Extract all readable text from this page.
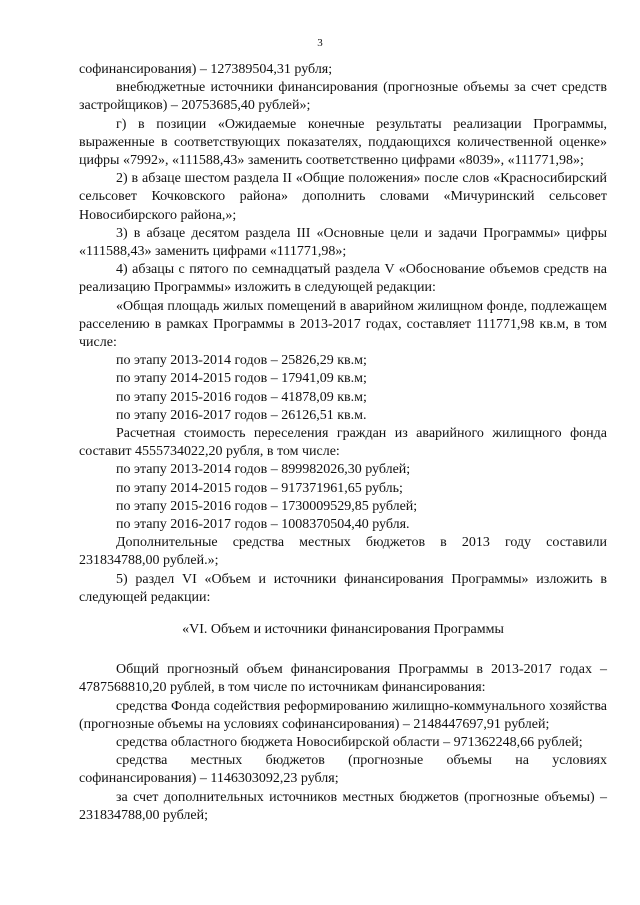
3

софинансирования) – 127389504,31 рубля;

внебюджетные источники финансирования (прогнозные объемы за счет средств застройщиков) – 20753685,40 рублей»;

г) в позиции «Ожидаемые конечные результаты реализации Программы, выраженные в соответствующих показателях, поддающихся количественной оценке» цифры «7992», «111588,43» заменить соответственно цифрами «8039», «111771,98»;

2) в абзаце шестом раздела II «Общие положения» после слов «Красносибирский сельсовет Кочковского района» дополнить словами «Мичуринский сельсовет Новосибирского района,»;

3) в абзаце десятом раздела III «Основные цели и задачи Программы» цифры «111588,43» заменить цифрами «111771,98»;

4) абзацы с пятого по семнадцатый раздела V «Обоснование объемов средств на реализацию Программы» изложить в следующей редакции:

«Общая площадь жилых помещений в аварийном жилищном фонде, подлежащем расселению в рамках Программы в 2013-2017 годах, составляет 111771,98 кв.м, в том числе:

по этапу 2013-2014 годов – 25826,29 кв.м;

по этапу 2014-2015 годов – 17941,09 кв.м;

по этапу 2015-2016 годов – 41878,09 кв.м;

по этапу 2016-2017 годов – 26126,51 кв.м.

Расчетная стоимость переселения граждан из аварийного жилищного фонда составит 4555734022,20 рубля, в том числе:

по этапу 2013-2014 годов – 899982026,30 рублей;

по этапу 2014-2015 годов – 917371961,65 рубль;

по этапу 2015-2016 годов – 1730009529,85 рублей;

по этапу 2016-2017 годов – 1008370504,40 рубля.

Дополнительные средства местных бюджетов в 2013 году составили 231834788,00 рублей.»;

5) раздел VI «Объем и источники финансирования Программы» изложить в следующей редакции:

«VI. Объем и источники финансирования Программы

Общий прогнозный объем финансирования Программы в 2013-2017 годах – 4787568810,20 рублей, в том числе по источникам финансирования:

средства Фонда содействия реформированию жилищно-коммунального хозяйства (прогнозные объемы на условиях софинансирования) – 2148447697,91 рублей;

средства областного бюджета Новосибирской области – 971362248,66 рублей;

средства местных бюджетов (прогнозные объемы на условиях софинансирования) – 1146303092,23 рубля;

за счет дополнительных источников местных бюджетов (прогнозные объемы) – 231834788,00 рублей;
